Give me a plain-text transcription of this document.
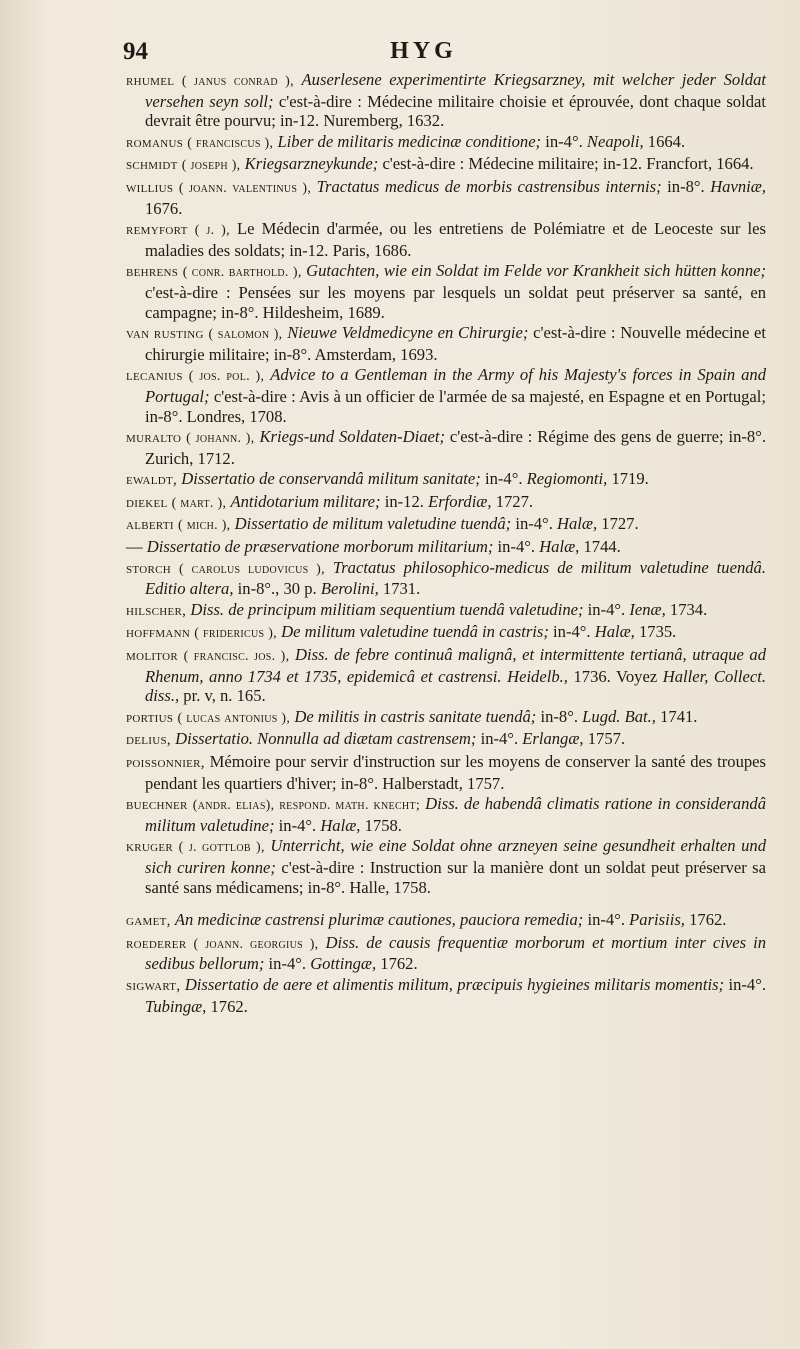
94	HYG

rhumel ( janus conrad ), Auserlesene experimentirte Kriegsarzney, mit welcher jeder Soldat versehen seyn soll; c'est-à-dire : Médecine militaire choisie et éprouvée, dont chaque soldat devrait être pourvu; in-12. Nuremberg, 1632.

romanus ( franciscus ), Liber de militaris medicinæ conditione; in-4°. Neapoli, 1664.

schmidt ( joseph ), Kriegsarzneykunde; c'est-à-dire : Médecine militaire; in-12. Francfort, 1664.

willius ( joann. valentinus ), Tractatus medicus de morbis castrensibus internis; in-8°. Havniæ, 1676.

remyfort ( j. ), Le Médecin d'armée, ou les entretiens de Polémiatre et de Leoceste sur les maladies des soldats; in-12. Paris, 1686.

behrens ( conr. barthold. ), Gutachten, wie ein Soldat im Felde vor Krankheit sich hütten konne; c'est-à-dire : Pensées sur les moyens par lesquels un soldat peut préserver sa santé, en campagne; in-8°. Hildesheim, 1689.

van rusting ( salomon ), Nieuwe Veldmedicyne en Chirurgie; c'est-à-dire : Nouvelle médecine et chirurgie militaire; in-8°. Amsterdam, 1693.

lecanius ( jos. pol. ), Advice to a Gentleman in the Army of his Majesty's forces in Spain and Portugal; c'est-à-dire : Avis à un officier de l'armée de sa majesté, en Espagne et en Portugal; in-8°. Londres, 1708.

muralto ( johann. ), Kriegs-und Soldaten-Diaet; c'est-à-dire : Régime des gens de guerre; in-8°. Zurich, 1712.

ewaldt, Dissertatio de conservandâ militum sanitate; in-4°. Regiomonti, 1719.

diekel ( mart. ), Antidotarium militare; in-12. Erfordiæ, 1727.

alberti ( mich. ), Dissertatio de militum valetudine tuendâ; in-4°. Halæ, 1727.

— Dissertatio de præservatione morborum militarium; in-4°. Halæ, 1744.

storch ( carolus ludovicus ), Tractatus philosophico-medicus de militum valetudine tuendâ. Editio altera, in-8°., 30 p. Berolini, 1731.

hilscher, Diss. de principum militiam sequentium tuendâ valetudine; in-4°. Ienæ, 1734.

hoffmann ( fridericus ), De militum valetudine tuendâ in castris; in-4°. Halæ, 1735.

molitor ( francisc. jos. ), Diss. de febre continuâ malignâ, et intermittente tertianâ, utraque ad Rhenum, anno 1734 et 1735, epidemicâ et castrensi. Heidelb., 1736. Voyez Haller, Collect. diss., pr. v, n. 165.

portius ( lucas antonius ), De militis in castris sanitate tuendâ; in-8°. Lugd. Bat., 1741.

delius, Dissertatio. Nonnulla ad diætam castrensem; in-4°. Erlangæ, 1757.

poissonnier, Mémoire pour servir d'instruction sur les moyens de conserver la santé des troupes pendant les quartiers d'hiver; in-8°. Halberstadt, 1757.

buechner (andr. elias), respond. math. knecht; Diss. de habendâ climatis ratione in considerandâ militum valetudine; in-4°. Halæ, 1758.

kruger ( j. gottlob ), Unterricht, wie eine Soldat ohne arzneyen seine gesundheit erhalten und sich curiren konne; c'est-à-dire : Instruction sur la manière dont un soldat peut préserver sa santé sans médicamens; in-8°. Halle, 1758.

gamet, An medicinæ castrensi plurimæ cautiones, pauciora remedia; in-4°. Parisiis, 1762.

roederer ( joann. georgius ), Diss. de causis frequentiæ morborum et mortium inter cives in sedibus bellorum; in-4°. Gottingæ, 1762.

sigwart, Dissertatio de aere et alimentis militum, præcipuis hygieines militaris momentis; in-4°. Tubingæ, 1762.
